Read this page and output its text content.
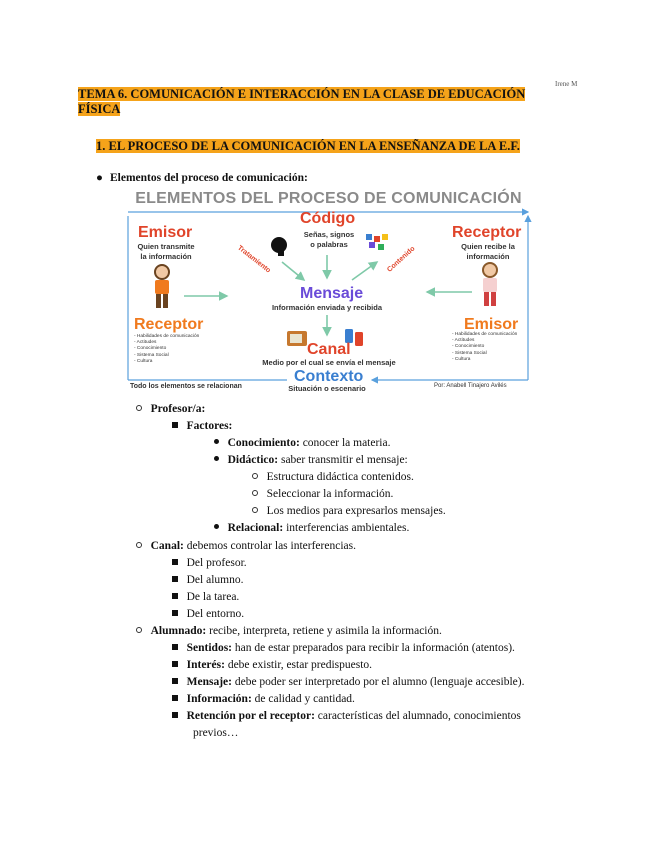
Irene M
TEMA 6. COMUNICACIÓN E INTERACCIÓN EN LA CLASE DE EDUCACIÓN FÍSICA
1. EL PROCESO DE LA COMUNICACIÓN EN LA ENSEÑANZA DE LA E.F.
● Elementos del proceso de comunicación:
ELEMENTOS DEL PROCESO DE COMUNICACIÓN
Emisor
Quien transmite
la información
Receptor
- Habilidades de comunicación
- Actitudes
- Conocimiento
- Sistema Social
- Cultura
Código
Señas, signos
o palabras
Tratamiento	Contenido
Mensaje
Información enviada y recibida
Canal
Medio por el cual se envía el mensaje
Contexto
Situación o escenario
Receptor
Quien recibe la
información
Emisor
- Habilidades de comunicación
- Actitudes
- Conocimiento
- Sistema Social
- Cultura
Todo los elementos se relacionan	Por: Anabell Tinajero Avilés
Profesor/a:
Factores:
Conocimiento: conocer la materia.
Didáctico: saber transmitir el mensaje:
Estructura didáctica contenidos.
Seleccionar la información.
Los medios para expresarlos mensajes.
Relacional: interferencias ambientales.
Canal: debemos controlar las interferencias.
Del profesor.
Del alumno.
De la tarea.
Del entorno.
Alumnado: recibe, interpreta, retiene y asimila la información.
Sentidos: han de estar preparados para recibir la información (atentos).
Interés: debe existir, estar predispuesto.
Mensaje: debe poder ser interpretado por el alumno (lenguaje accesible).
Información: de calidad y cantidad.
Retención por el receptor: características del alumnado, conocimientos
previos…
